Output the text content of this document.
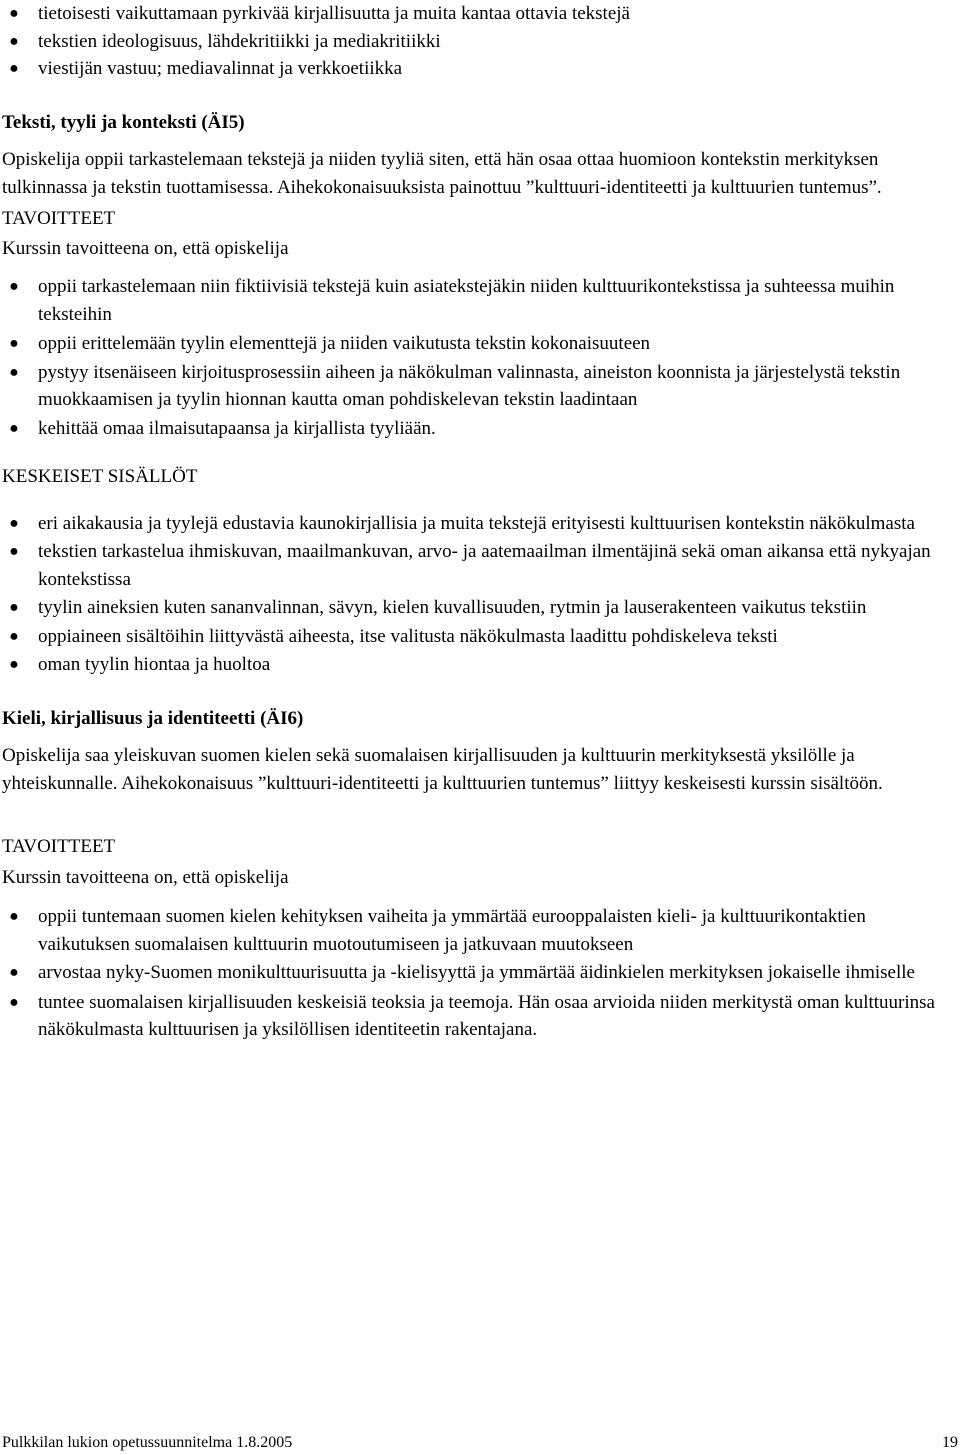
● tietoisesti vaikuttamaan pyrkivää kirjallisuutta ja muita kantaa ottavia tekstejä
● tekstien ideologisuus, lähdekritiikki ja mediakritiikki
● viestijän vastuu; mediavalinnat ja verkkoetiikka

Teksti, tyyli ja konteksti (ÄI5)

Opiskelija oppii tarkastelemaan tekstejä ja niiden tyyliä siten, että hän osaa ottaa huomioon kontekstin merkityksen tulkinnassa ja tekstin tuottamisessa. Aihekokonaisuuksista painottuu ”kulttuuri-identiteetti ja kulttuurien tuntemus”.

TAVOITTEET

Kurssin tavoitteena on, että opiskelija

● oppii tarkastelemaan niin fiktiivisiä tekstejä kuin asiatekstejäkin niiden kulttuurikontekstissa ja suhteessa muihin teksteihin
● oppii erittelemään tyylin elementtejä ja niiden vaikutusta tekstin kokonaisuuteen
● pystyy itsenäiseen kirjoitusprosessiin aiheen ja näkökulman valinnasta, aineiston koonnista ja järjestelystä tekstin muokkaamisen ja tyylin hionnan kautta oman pohdiskelevan tekstin laadintaan
● kehittää omaa ilmaisutapaansa ja kirjallista tyyliään.

KESKEISET SISÄLLÖT

● eri aikakausia ja tyylejä edustavia kaunokirjallisia ja muita tekstejä erityisesti kulttuurisen kontekstin näkökulmasta
● tekstien tarkastelua ihmiskuvan, maailmankuvan, arvo- ja aatemaailman ilmentäjinä sekä oman aikansa että nykyajan kontekstissa
● tyylin aineksien kuten sananvalinnan, sävyn, kielen kuvallisuuden, rytmin ja lauserakenteen vaikutus tekstiin
● oppiaineen sisältöihin liittyvästä aiheesta, itse valitusta näkökulmasta laadittu pohdiskeleva teksti
● oman tyylin hiontaa ja huoltoa

Kieli, kirjallisuus ja identiteetti (ÄI6)

Opiskelija saa yleiskuvan suomen kielen sekä suomalaisen kirjallisuuden ja kulttuurin merkityksestä yksilölle ja yhteiskunnalle. Aihekokonaisuus ”kulttuuri-identiteetti ja kulttuurien tuntemus” liittyy keskeisesti kurssin sisältöön.

TAVOITTEET

Kurssin tavoitteena on, että opiskelija

● oppii tuntemaan suomen kielen kehityksen vaiheita ja ymmärtää eurooppalaisten kieli- ja kulttuurikontaktien vaikutuksen suomalaisen kulttuurin muotoutumiseen ja jatkuvaan muutokseen
● arvostaa nyky-Suomen monikulttuurisuutta ja -kielisyyttä ja ymmärtää äidinkielen merkityksen jokaiselle ihmiselle
● tuntee suomalaisen kirjallisuuden keskeisiä teoksia ja teemoja. Hän osaa arvioida niiden merkitystä oman kulttuurinsa näkökulmasta kulttuurisen ja yksilöllisen identiteetin rakentajana.
Pulkkilan lukion opetussuunnitelma 1.8.2005	19
